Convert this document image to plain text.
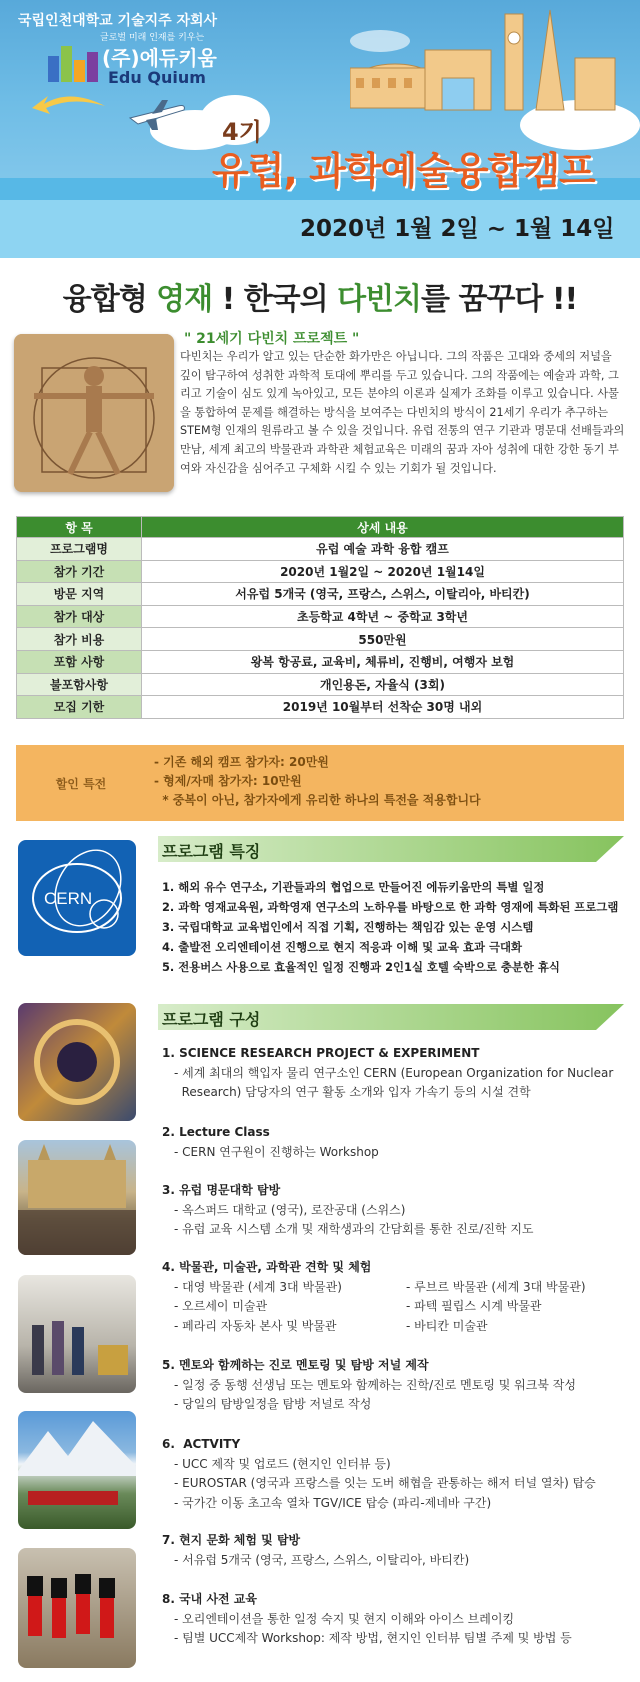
국립인천대학교 기술지주 자회사
글로벌 미래 인재를 키우는
(주)에듀키움
Edu Quium
4기
유럽, 과학예술융합캠프
2020년 1월 2일 ~ 1월 14일
융합형 영재 ! 한국의 다빈치를 꿈꾸다 !!
" 21세기 다빈치 프로젝트 "
다빈치는 우리가 알고 있는 단순한 화가만은 아닙니다. 그의 작품은 고대와 중세의 저널을 깊이 탐구하여 성취한 과학적 토대에 뿌리를 두고 있습니다. 그의 작품에는 예술과 과학, 그리고 기술이 심도 있게 녹아있고, 모든 분야의 이론과 실제가 조화를 이루고 있습니다. 사물을 통합하여 문제를 해결하는 방식을 보여주는 다빈치의 방식이 21세기 우리가 추구하는 STEM형 인재의 원류라고 볼 수 있을 것입니다. 유럽 전통의 연구 기관과 명문대 선배들과의 만남, 세계 최고의 박물관과 과학관 체험교육은 미래의 꿈과 자아 성취에 대한 강한 동기 부여와 자신감을 심어주고 구체화 시킬 수 있는 기회가 될 것입니다.
항 목	상세 내용
프로그램명	유럽 예술 과학 융합 캠프
참가 기간	2020년 1월2일 ~ 2020년 1월14일
방문 지역	서유럽 5개국 (영국, 프랑스, 스위스, 이탈리아, 바티칸)
참가 대상	초등학교 4학년 ~ 중학교 3학년
참가 비용	550만원
포함 사항	왕복 항공료, 교육비, 체류비, 진행비, 여행자 보험
불포함사항	개인용돈, 자율식 (3회)
모집 기한	2019년 10월부터 선착순 30명 내외
할인 특전
- 기존 해외 캠프 참가자: 20만원
- 형제/자매 참가자: 10만원
* 중복이 아닌, 참가자에게 유리한 하나의 특전을 적용합니다
CERN
프로그램 특징
1. 해외 유수 연구소, 기관들과의 협업으로 만들어진 에듀키움만의 특별 일정
2. 과학 영재교육원, 과학영재 연구소의 노하우를 바탕으로 한 과학 영재에 특화된 프로그램
3. 국립대학교 교육법인에서 직접 기획, 진행하는 책임감 있는 운영 시스템
4. 출발전 오리엔테이션 진행으로 현지 적응과 이해 및 교육 효과 극대화
5. 전용버스 사용으로 효율적인 일정 진행과 2인1실 호텔 숙박으로 충분한 휴식
프로그램 구성
1. SCIENCE RESEARCH PROJECT & EXPERIMENT
- 세계 최대의 핵입자 물리 연구소인 CERN (European Organization for Nuclear
Research) 담당자의 연구 활동 소개와 입자 가속기 등의 시설 견학
2. Lecture Class
- CERN 연구원이 진행하는 Workshop
3. 유럽 명문대학 탐방
- 옥스퍼드 대학교 (영국), 로잔공대 (스위스)
- 유럽 교육 시스템 소개 및 재학생과의 간담회를 통한 진로/진학 지도
4. 박물관, 미술관, 과학관 견학 및 체험
- 대영 박물관 (세계 3대 박물관)	- 루브르 박물관 (세계 3대 박물관)
- 오르세이 미술관	- 파텍 필립스 시계 박물관
- 페라리 자동차 본사 및 박물관	- 바티칸 미술관
5. 멘토와 함께하는 진로 멘토링 및 탐방 저널 제작
- 일정 중 동행 선생님 또는 멘토와 함께하는 진학/진로 멘토링 및 워크북 작성
- 당일의 탐방일정을 탐방 저널로 작성
6.  ACTVITY
- UCC 제작 및 업로드 (현지인 인터뷰 등)
- EUROSTAR (영국과 프랑스를 잇는 도버 해협을 관통하는 해저 터널 열차) 탑승
- 국가간 이동 초고속 열차 TGV/ICE 탑승 (파리-제네바 구간)
7. 현지 문화 체험 및 탐방
- 서유럽 5개국 (영국, 프랑스, 스위스, 이탈리아, 바티칸)
8. 국내 사전 교육
- 오리엔테이션을 통한 일정 숙지 및 현지 이해와 아이스 브레이킹
- 팀별 UCC제작 Workshop: 제작 방법, 현지인 인터뷰 팀별 주제 및 방법 등
